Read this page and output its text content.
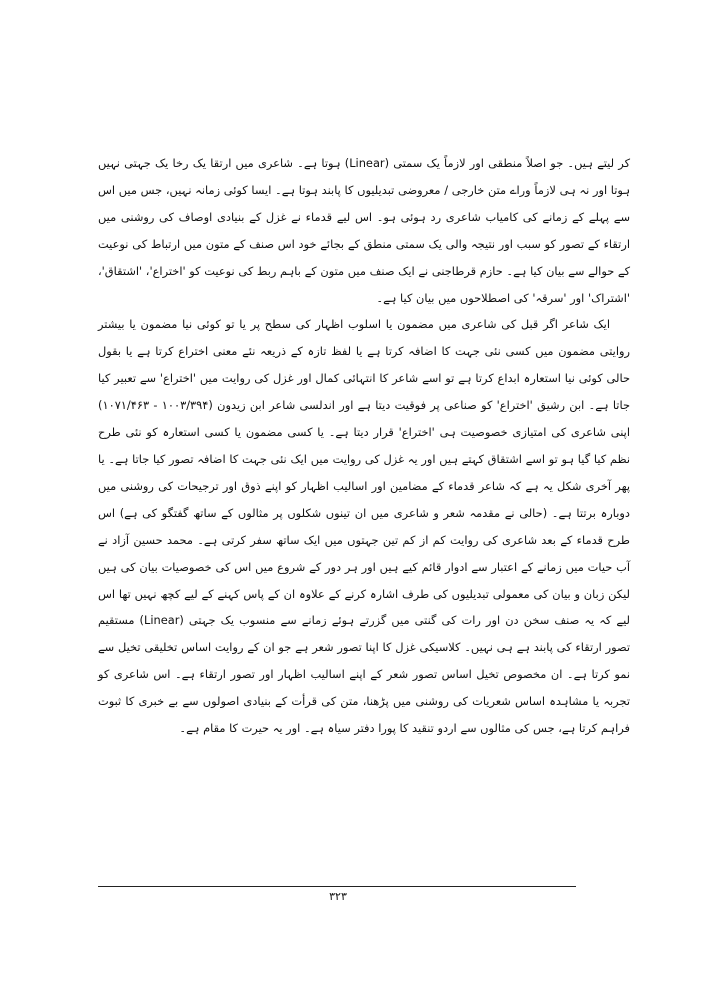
کر لیتے ہیں۔ جو اصلاً منطقی اور لازماً یک سمتی (Linear) ہوتا ہے۔ شاعری میں ارتقا یک رخا یک جہتی نہیں ہوتا اور نہ ہی لازماً وراے متن خارجی / معروضی تبدیلیوں کا پابند ہوتا ہے۔ ایسا کوئی زمانہ نہیں، جس میں اس سے پہلے کے زمانے کی کامیاب شاعری رد ہوئی ہو۔ اس لیے قدماء نے غزل کے بنیادی اوصاف کی روشنی میں ارتقاء کے تصور کو سبب اور نتیجہ والی یک سمتی منطق کے بجائے خود اس صنف کے متون میں ارتباط کی نوعیت کے حوالے سے بیان کیا ہے۔ حازم قرطاجنی نے ایک صنف میں متون کے باہم ربط کی نوعیت کو 'اختراع'، 'اشتقاق'، 'اشتراک' اور 'سرقہ' کی اصطلاحوں میں بیان کیا ہے۔

ایک شاعر اگر قبل کی شاعری میں مضمون یا اسلوب اظہار کی سطح پر یا تو کوئی نیا مضمون یا بیشتر روایتی مضمون میں کسی نئی جہت کا اضافہ کرتا ہے یا لفظ تازہ کے ذریعہ نئے معنی اختراع کرتا ہے یا بقول حالی کوئی نیا استعارہ ابداع کرتا ہے تو اسے شاعر کا انتہائی کمال اور غزل کی روایت میں 'اختراع' سے تعبیر کیا جاتا ہے۔ ابن رشیق 'اختراع' کو صناعی پر فوقیت دیتا ہے اور اندلسی شاعر ابن زیدون (۱۰۰۳/۳۹۴ - ۱۰۷۱/۴۶۳) اپنی شاعری کی امتیازی خصوصیت ہی 'اختراع' قرار دیتا ہے۔ یا کسی مضمون یا کسی استعارہ کو نئی طرح نظم کیا گیا ہو تو اسے اشتقاق کہتے ہیں اور یہ غزل کی روایت میں ایک نئی جہت کا اضافہ تصور کیا جاتا ہے۔ یا پھر آخری شکل یہ ہے کہ شاعر قدماء کے مضامین اور اسالیب اظہار کو اپنے ذوق اور ترجیحات کی روشنی میں دوبارہ برتتا ہے۔ (حالی نے مقدمہ شعر و شاعری میں ان تینوں شکلوں پر مثالوں کے ساتھ گفتگو کی ہے) اس طرح قدماء کے بعد شاعری کی روایت کم از کم تین جہتوں میں ایک ساتھ سفر کرتی ہے۔ محمد حسین آزاد نے آب حیات میں زمانے کے اعتبار سے ادوار قائم کیے ہیں اور ہر دور کے شروع میں اس کی خصوصیات بیان کی ہیں لیکن زبان و بیان کی معمولی تبدیلیوں کی طرف اشارہ کرنے کے علاوہ ان کے پاس کہنے کے لیے کچھ نہیں تھا اس لیے کہ یہ صنف سخن دن اور رات کی گنتی میں گزرتے ہوئے زمانے سے منسوب یک جہتی (Linear) مستقیم تصور ارتقاء کی پابند ہے ہی نہیں۔ کلاسیکی غزل کا اپنا تصور شعر ہے جو ان کے روایت اساس تخلیقی تخیل سے نمو کرتا ہے۔ ان مخصوص تخیل اساس تصور شعر کے اپنے اسالیب اظہار اور تصور ارتقاء ہے۔ اس شاعری کو تجربہ یا مشاہدہ اساس شعریات کی روشنی میں پڑھنا، متن کی قرأت کے بنیادی اصولوں سے بے خبری کا ثبوت فراہم کرتا ہے، جس کی مثالوں سے اردو تنقید کا پورا دفتر سیاہ ہے۔ اور یہ حیرت کا مقام ہے۔

۳۲۳
